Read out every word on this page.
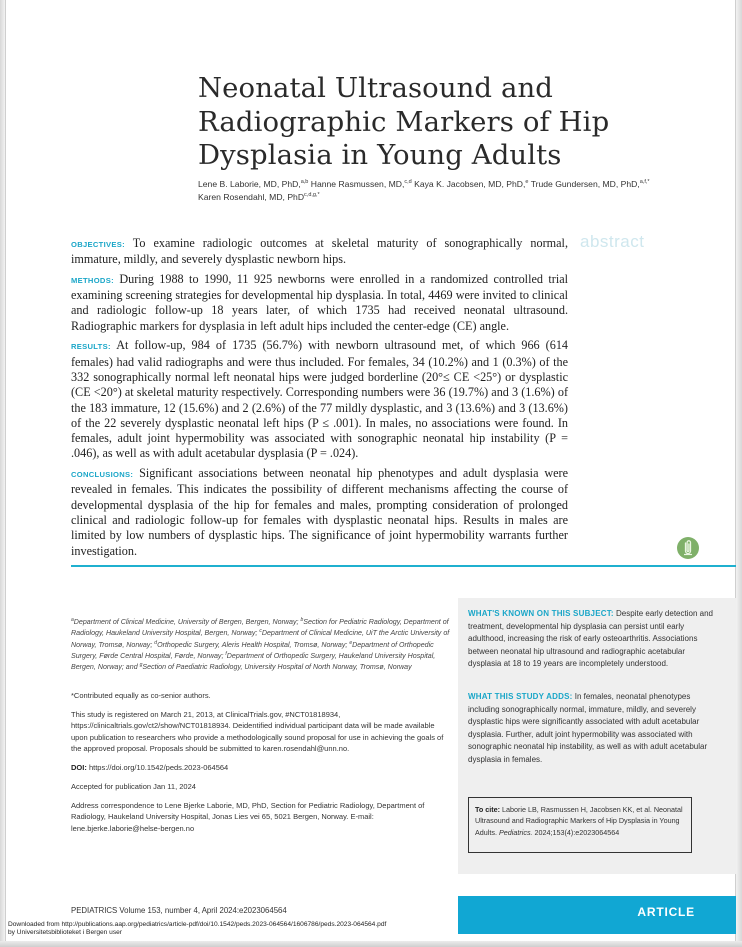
Neonatal Ultrasound and
Radiographic Markers of Hip
Dysplasia in Young Adults
Lene B. Laborie, MD, PhD,$^{a,b}$ Hanne Rasmussen, MD,$^{c,d}$ Kaya K. Jacobsen, MD, PhD,$^e$ Trude Gundersen, MD, PhD,$^{a,f,*}$
Karen Rosendahl, MD, PhD$^{c,d,g,*}$
abstract

OBJECTIVES: To examine radiologic outcomes at skeletal maturity of sonographically normal, immature, mildly, and severely dysplastic newborn hips.

METHODS: During 1988 to 1990, 11 925 newborns were enrolled in a randomized controlled trial examining screening strategies for developmental hip dysplasia. In total, 4469 were invited to clinical and radiologic follow-up 18 years later, of which 1735 had received neonatal ultrasound. Radiographic markers for dysplasia in left adult hips included the center-edge (CE) angle.

RESULTS: At follow-up, 984 of 1735 (56.7%) with newborn ultrasound met, of which 966 (614 females) had valid radiographs and were thus included. For females, 34 (10.2%) and 1 (0.3%) of the 332 sonographically normal left neonatal hips were judged borderline (20°≤ CE <25°) or dysplastic (CE <20°) at skeletal maturity respectively. Corresponding numbers were 36 (19.7%) and 3 (1.6%) of the 183 immature, 12 (15.6%) and 2 (2.6%) of the 77 mildly dysplastic, and 3 (13.6%) and 3 (13.6%) of the 22 severely dysplastic neonatal left hips (P ≤ .001). In males, no associations were found. In females, adult joint hypermobility was associated with sonographic neonatal hip instability (P = .046), as well as with adult acetabular dysplasia (P = .024).

CONCLUSIONS: Significant associations between neonatal hip phenotypes and adult dysplasia were revealed in females. This indicates the possibility of different mechanisms affecting the course of developmental dysplasia of the hip for females and males, prompting consideration of prolonged clinical and radiologic follow-up for females with dysplastic neonatal hips. Results in males are limited by low numbers of dysplastic hips. The significance of joint hypermobility warrants further investigation.

$^a$Department of Clinical Medicine, University of Bergen, Bergen, Norway; $^b$Section for Pediatric Radiology, Department of Radiology, Haukeland University Hospital, Bergen, Norway; $^c$Department of Clinical Medicine, UiT the Arctic University of Norway, Tromsø, Norway; $^d$Orthopedic Surgery, Aleris Health Hospital, Tromsø, Norway; $^e$Department of Orthopedic Surgery, Førde Central Hospital, Førde, Norway; $^f$Department of Orthopedic Surgery, Haukeland University Hospital, Bergen, Norway; and $^g$Section of Paediatric Radiology, University Hospital of North Norway, Tromsø, Norway

*Contributed equally as co-senior authors.

This study is registered on March 21, 2013, at ClinicalTrials.gov, #NCT01818934, https://clinicaltrials.gov/ct2/show/NCT01818934. Deidentified individual participant data will be made available upon publication to researchers who provide a methodologically sound proposal for use in achieving the goals of the approved proposal. Proposals should be submitted to karen.rosendahl@unn.no.

DOI: https://doi.org/10.1542/peds.2023-064564

Accepted for publication Jan 11, 2024

Address correspondence to Lene Bjerke Laborie, MD, PhD, Section for Pediatric Radiology, Department of Radiology, Haukeland University Hospital, Jonas Lies vei 65, 5021 Bergen, Norway. E-mail: lene.bjerke.laborie@helse-bergen.no

WHAT'S KNOWN ON THIS SUBJECT: Despite early detection and treatment, developmental hip dysplasia can persist until early adulthood, increasing the risk of early osteoarthritis. Associations between neonatal hip ultrasound and radiographic acetabular dysplasia at 18 to 19 years are incompletely understood.
WHAT THIS STUDY ADDS: In females, neonatal phenotypes including sonographically normal, immature, mildly, and severely dysplastic hips were significantly associated with adult acetabular dysplasia. Further, adult joint hypermobility was associated with sonographic neonatal hip instability, as well as with adult acetabular dysplasia in females.
To cite: Laborie LB, Rasmussen H, Jacobsen KK, et al. Neonatal Ultrasound and Radiographic Markers of Hip Dysplasia in Young Adults. Pediatrics. 2024;153(4):e2023064564
ARTICLE
PEDIATRICS Volume 153, number 4, April 2024:e2023064564
Downloaded from http://publications.aap.org/pediatrics/article-pdf/doi/10.1542/peds.2023-064564/1606786/peds.2023-064564.pdf
by Universitetsbiblioteket i Bergen user
